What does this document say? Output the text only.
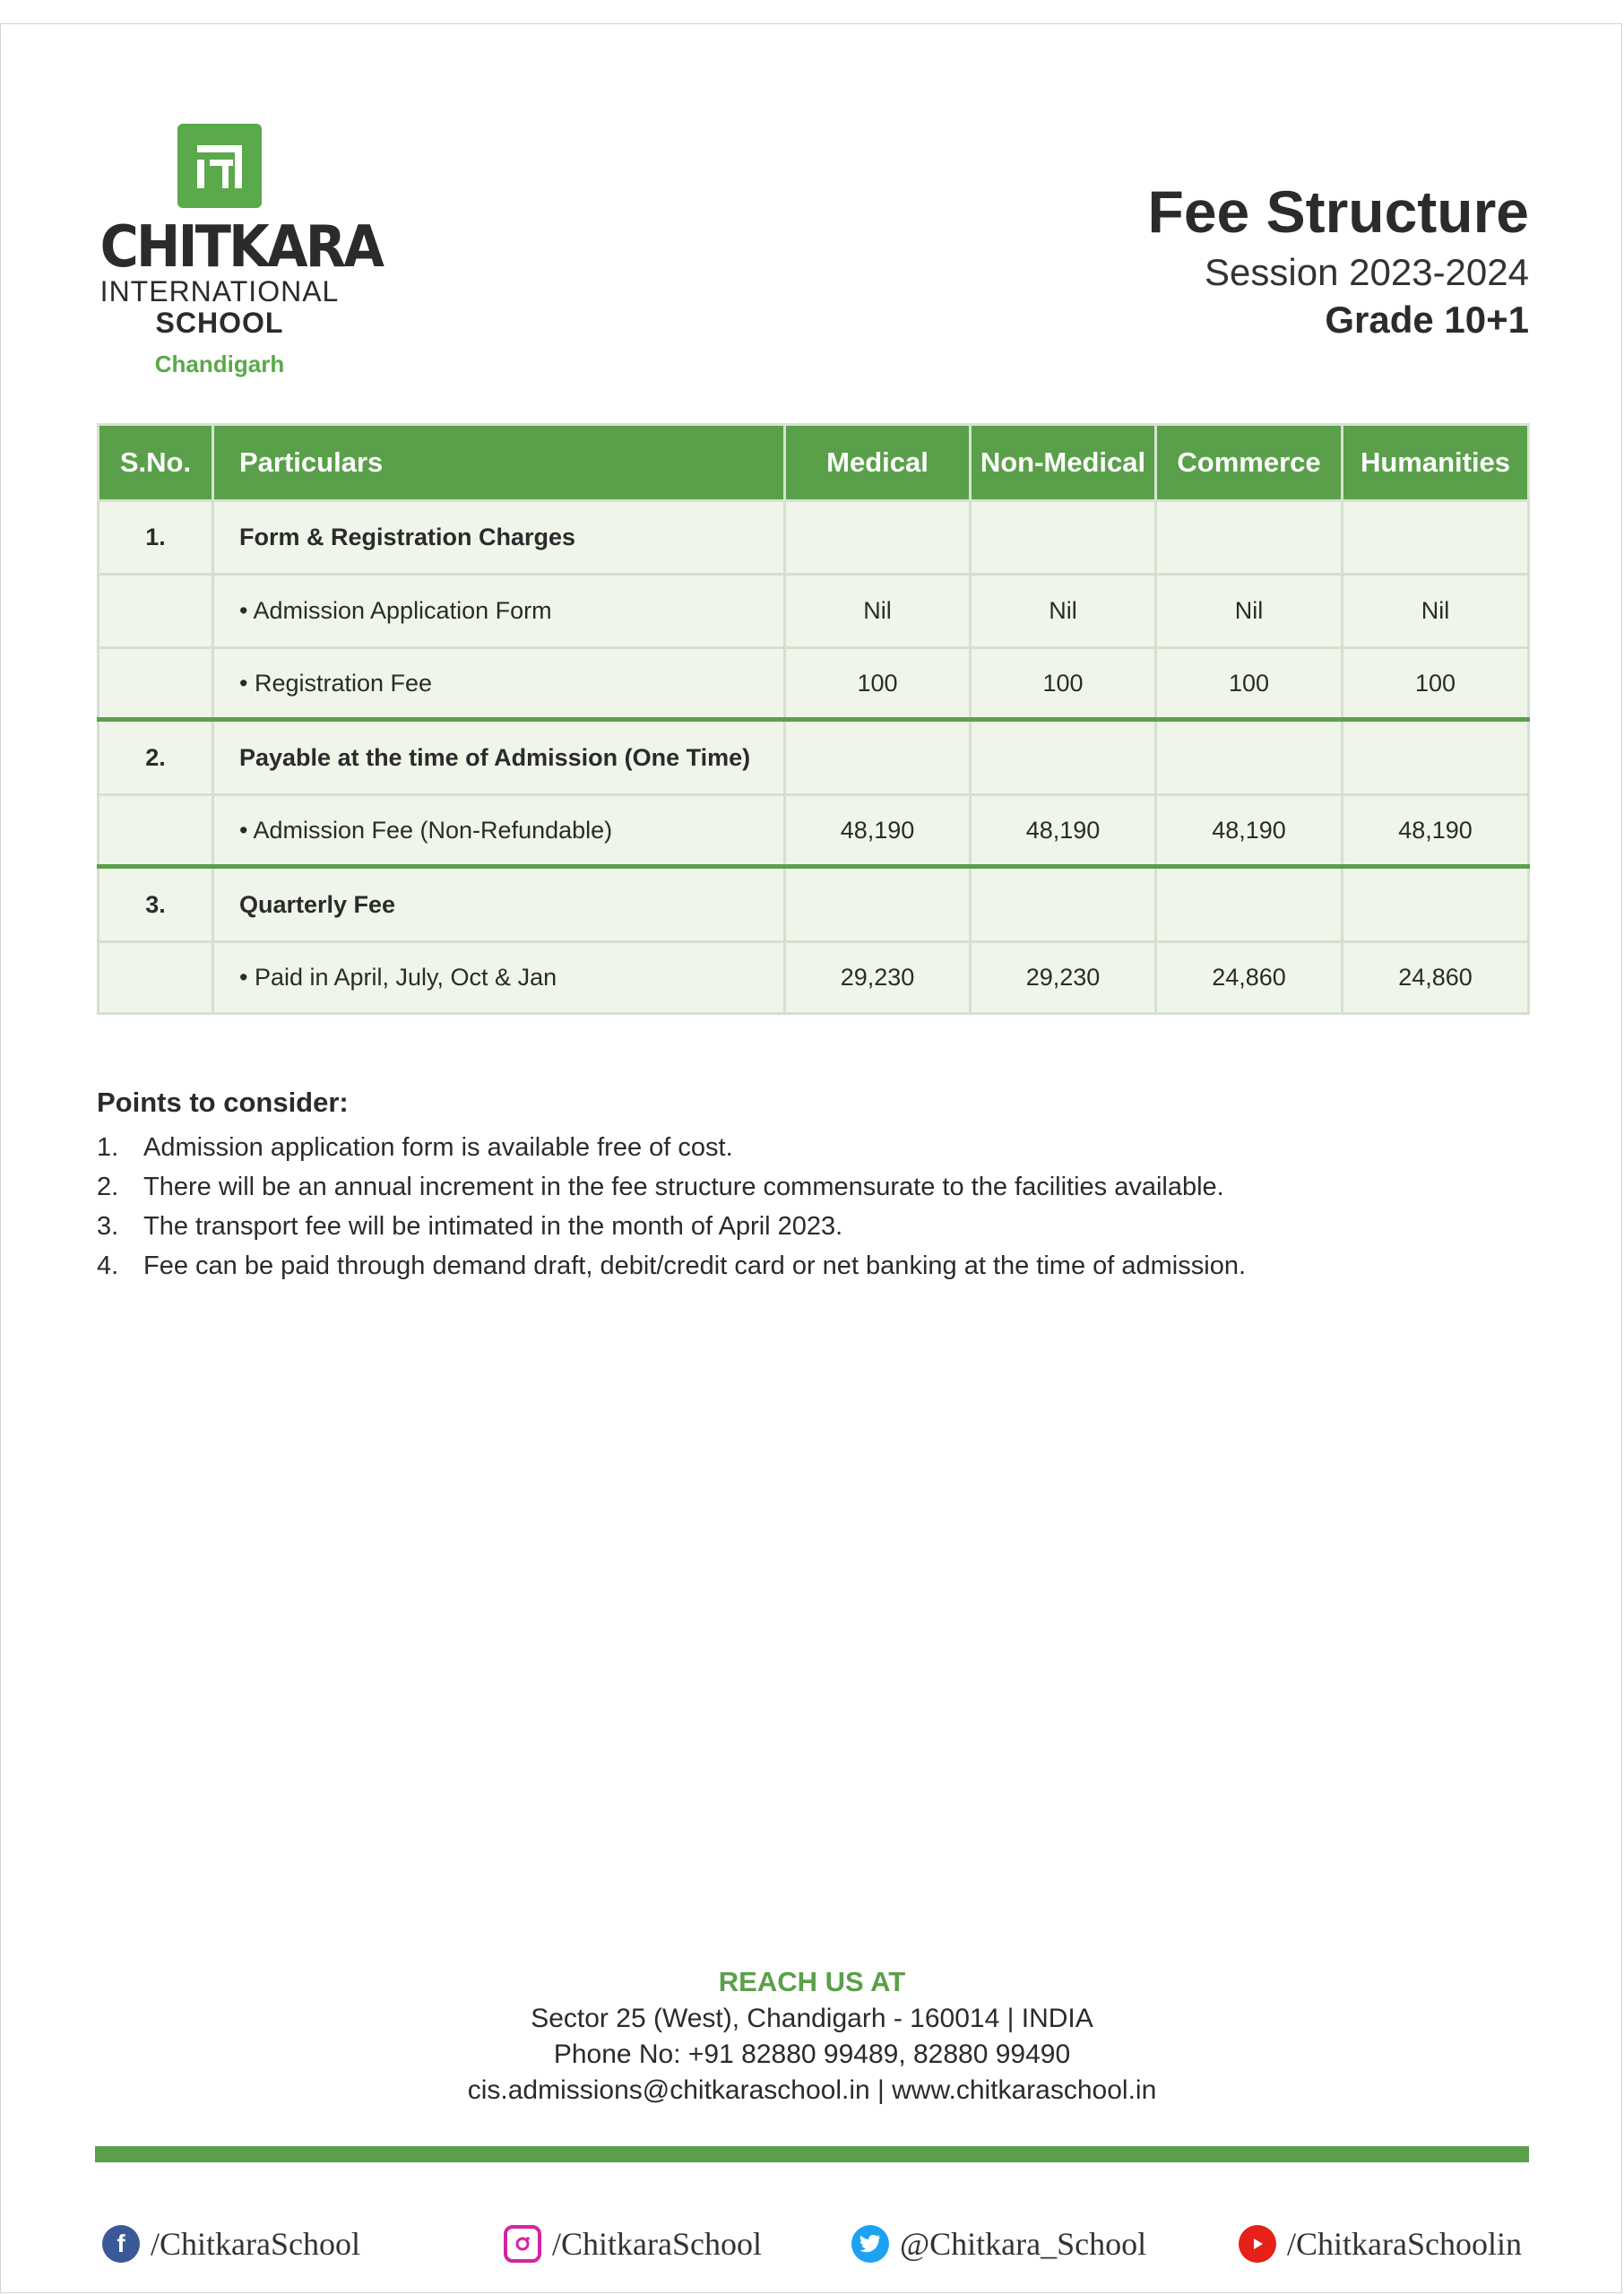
CHITKARA
INTERNATIONAL
SCHOOL
Chandigarh
Fee Structure
Session 2023-2024
Grade 10+1
S.No.	Particulars	Medical	Non-Medical	Commerce	Humanities
1.	Form & Registration Charges				
	• Admission Application Form	Nil	Nil	Nil	Nil
	• Registration Fee	100	100	100	100
2.	Payable at the time of Admission (One Time)				
	• Admission Fee (Non-Refundable)	48,190	48,190	48,190	48,190
3.	Quarterly Fee				
	• Paid in April, July, Oct & Jan	29,230	29,230	24,860	24,860
Points to consider:
1. Admission application form is available free of cost.
2. There will be an annual increment in the fee structure commensurate to the facilities available.
3. The transport fee will be intimated in the month of April 2023.
4. Fee can be paid through demand draft, debit/credit card or net banking at the time of admission.
REACH US AT
Sector 25 (West), Chandigarh - 160014 | INDIA
Phone No: +91 82880 99489, 82880 99490
cis.admissions@chitkaraschool.in | www.chitkaraschool.in
f /ChitkaraSchool	/ChitkaraSchool	@Chitkara_School	/ChitkaraSchoolin
